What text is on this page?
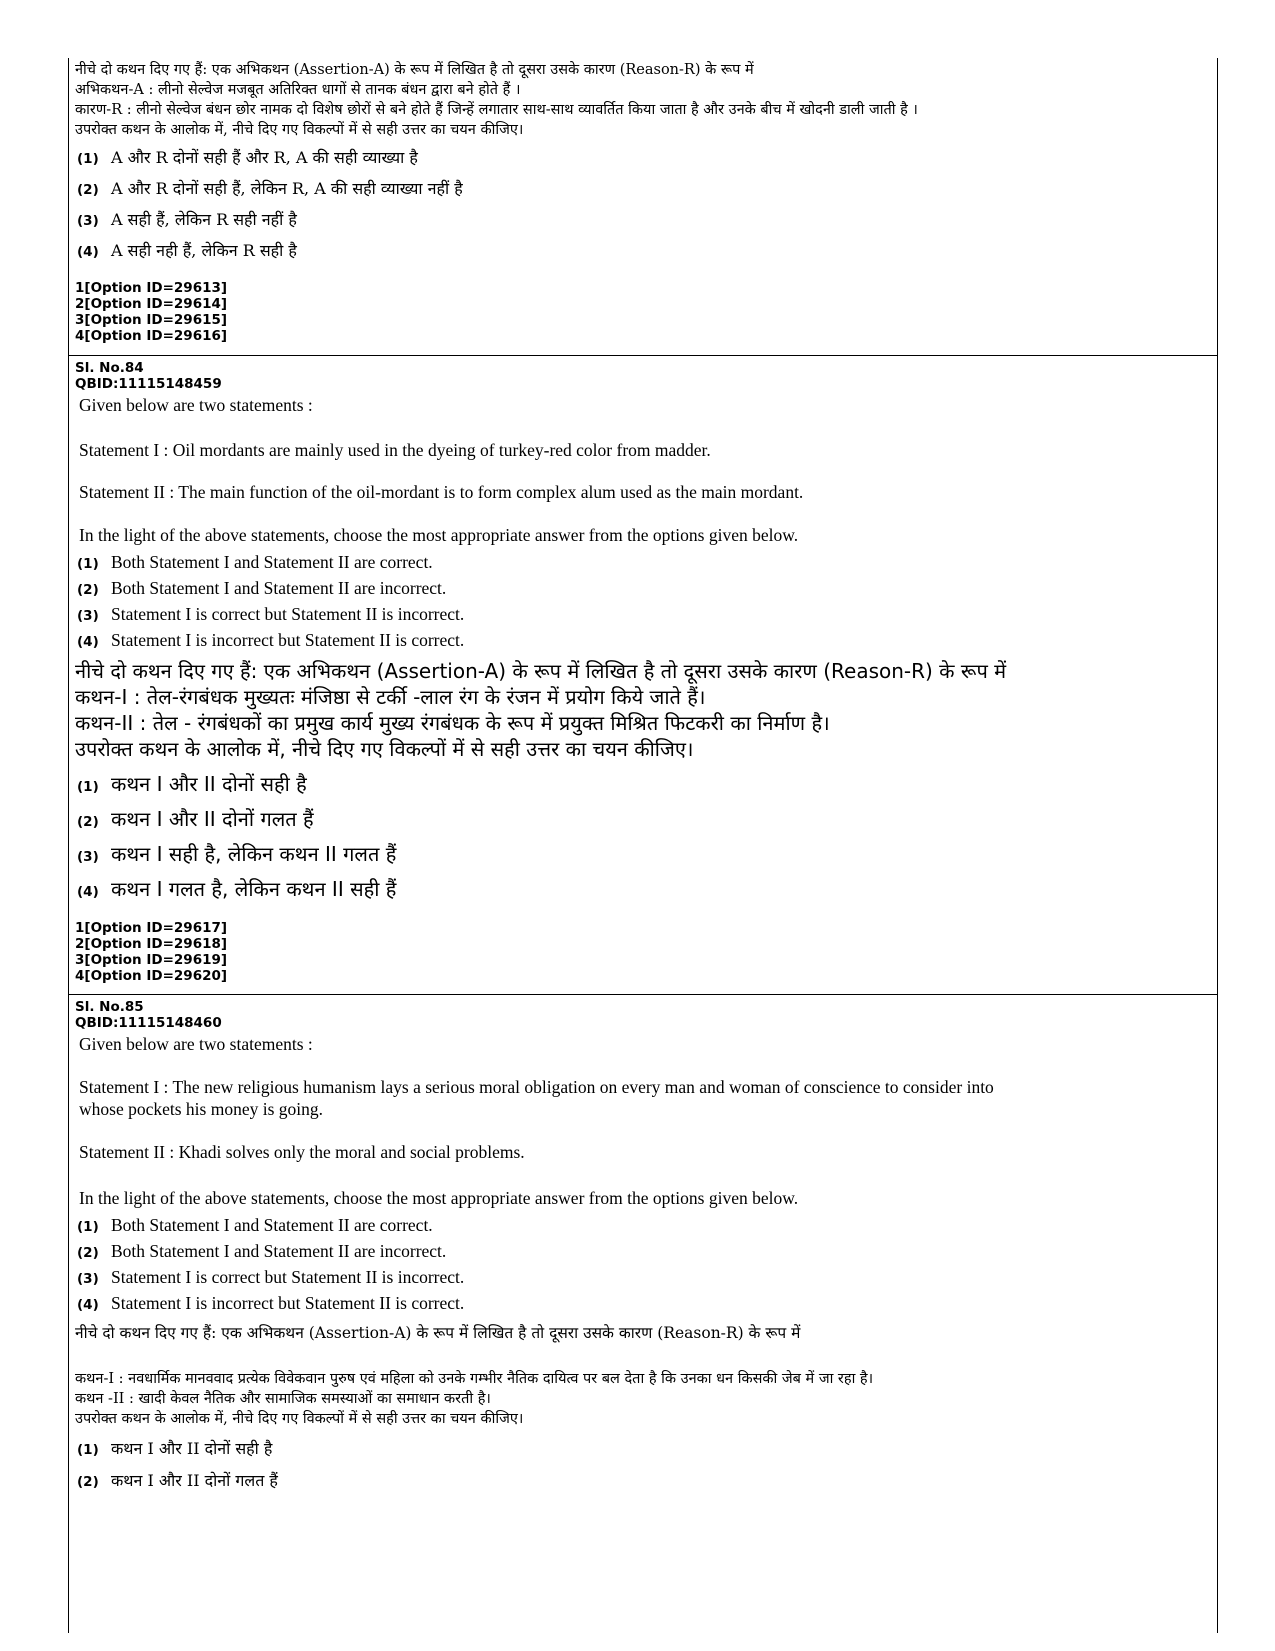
नीचे दो कथन दिए गए हैं: एक अभिकथन (Assertion-A) के रूप में लिखित है तो दूसरा उसके कारण (Reason-R) के रूप में

अभिकथन-A : लीनो सेल्वेज मजबूत अतिरिक्त धागों से तानक बंधन द्वारा बने होते हैं ।

कारण-R : लीनो सेल्वेज बंधन छोर नामक दो विशेष छोरों से बने होते हैं जिन्हें लगातार साथ-साथ व्यावर्तित किया जाता है और उनके बीच में खोदनी डाली जाती है ।

उपरोक्त कथन के आलोक में, नीचे दिए गए विकल्पों में से सही उत्तर का चयन कीजिए।

(1) A और R दोनों सही हैं और R, A की सही व्याख्या है
(2) A और R दोनों सही हैं, लेकिन R, A की सही व्याख्या नहीं है
(3) A सही हैं, लेकिन R सही नहीं है
(4) A सही नही हैं, लेकिन R सही है

1[Option ID=29613]

2[Option ID=29614]

3[Option ID=29615]

4[Option ID=29616]

Sl. No.84

QBID:11115148459

Given below are two statements :

Statement I : Oil mordants are mainly used in the dyeing of turkey-red color from madder.

Statement II : The main function of the oil-mordant is to form complex alum used as the main mordant.

In the light of the above statements, choose the most appropriate answer from the options given below.

(1) Both Statement I and Statement II are correct.
(2) Both Statement I and Statement II are incorrect.
(3) Statement I is correct but Statement II is incorrect.
(4) Statement I is incorrect but Statement II is correct.

नीचे दो कथन दिए गए हैं: एक अभिकथन (Assertion-A) के रूप में लिखित है तो दूसरा उसके कारण (Reason-R) के रूप में

कथन-I : तेल-रंगबंधक मुख्यतः मंजिष्ठा से टर्की -लाल रंग के रंजन में प्रयोग किये जाते हैं।

कथन-II : तेल - रंगबंधकों का प्रमुख कार्य मुख्य रंगबंधक के रूप में प्रयुक्त मिश्रित फिटकरी का निर्माण है।

उपरोक्त कथन के आलोक में, नीचे दिए गए विकल्पों में से सही उत्तर का चयन कीजिए।

(1) कथन I और II दोनों सही है
(2) कथन I और II दोनों गलत हैं
(3) कथन I सही है, लेकिन कथन II गलत हैं
(4) कथन I गलत है, लेकिन कथन II सही हैं

1[Option ID=29617]

2[Option ID=29618]

3[Option ID=29619]

4[Option ID=29620]

Sl. No.85

QBID:11115148460

Given below are two statements :

Statement I : The new religious humanism lays a serious moral obligation on every man and woman of conscience to consider into

whose pockets his money is going.

Statement II : Khadi solves only the moral and social problems.

In the light of the above statements, choose the most appropriate answer from the options given below.

(1) Both Statement I and Statement II are correct.
(2) Both Statement I and Statement II are incorrect.
(3) Statement I is correct but Statement II is incorrect.
(4) Statement I is incorrect but Statement II is correct.

नीचे दो कथन दिए गए हैं: एक अभिकथन (Assertion-A) के रूप में लिखित है तो दूसरा उसके कारण (Reason-R) के रूप में

कथन-I : नवधार्मिक मानववाद प्रत्येक विवेकवान पुरुष एवं महिला को उनके गम्भीर नैतिक दायित्व पर बल देता है कि उनका धन किसकी जेब में जा रहा है।

कथन -II : खादी केवल नैतिक और सामाजिक समस्याओं का समाधान करती है।

उपरोक्त कथन के आलोक में, नीचे दिए गए विकल्पों में से सही उत्तर का चयन कीजिए।

(1) कथन I और II दोनों सही है
(2) कथन I और II दोनों गलत हैं
